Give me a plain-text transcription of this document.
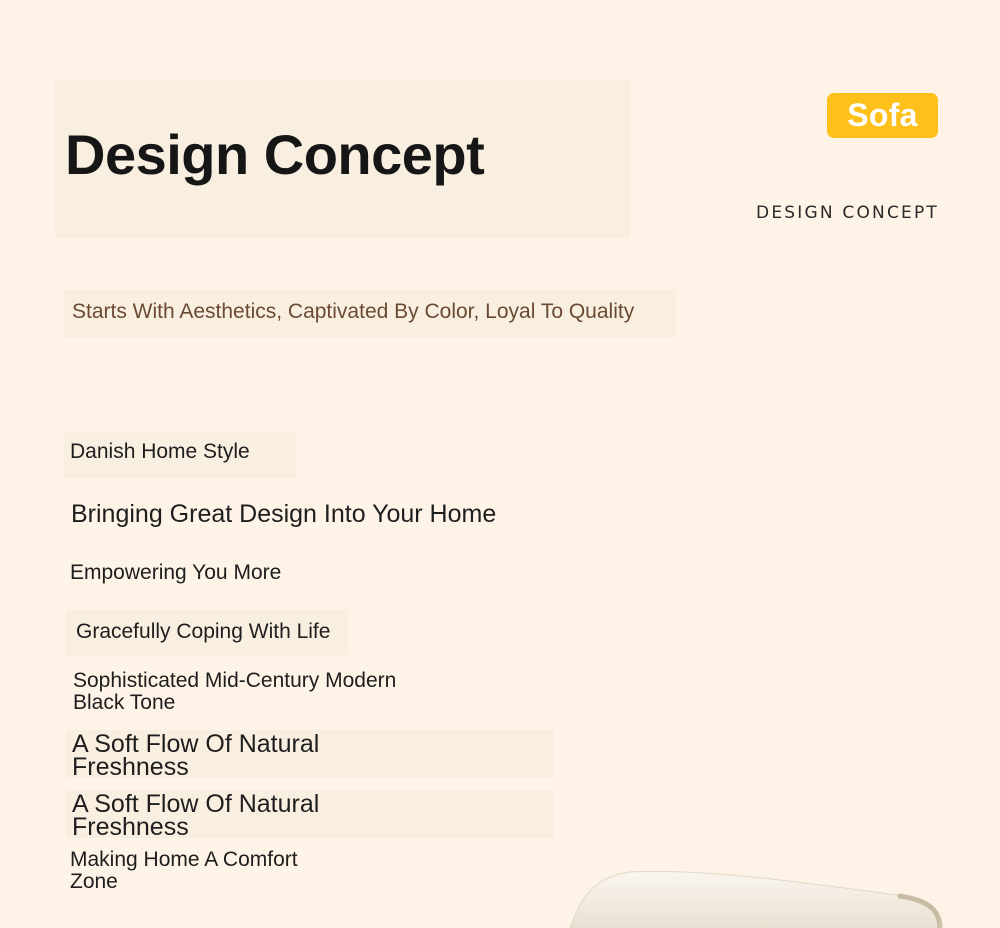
Sofa
Design Concept
DESIGN CONCEPT
Starts With Aesthetics, Captivated By Color, Loyal To Quality
Danish Home Style
Bringing Great Design Into Your Home
Empowering You More
Gracefully Coping With Life
Sophisticated Mid-Century Modern
Black Tone
A Soft Flow Of Natural
Freshness
A Soft Flow Of Natural
Freshness
Making Home A Comfort
Zone
